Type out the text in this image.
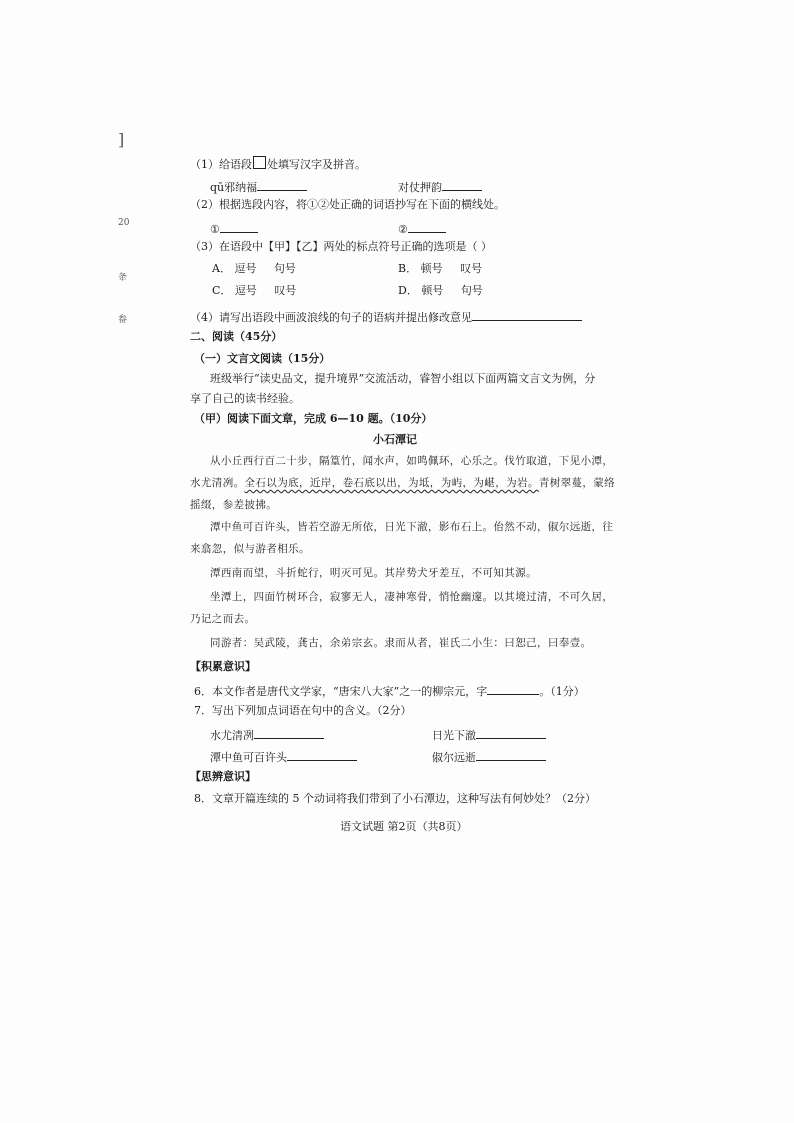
]
20
夅
畚
（1）给语段 处填写汉字及拼音。
qū邪纳福	对仗押韵
（2）根据选段内容，将①②处正确的词语抄写在下面的横线处。
①	②
（3）在语段中【甲】【乙】两处的标点符号正确的选项是（ ）
A． 逗号 句号	B． 顿号 叹号
C． 逗号 叹号	D． 顿号 句号
（4）请写出语段中画波浪线的句子的语病并提出修改意见
二、阅读（45分）
（一）文言文阅读（15分）
班级举行“读史品文，提升境界”交流活动，睿智小组以下面两篇文言文为例，分
享了自己的读书经验。
（甲）阅读下面文章，完成 6—10 题。（10分）
小石潭记
从小丘西行百二十步，隔篁竹，闻水声，如鸣佩环，心乐之。伐竹取道，下见小潭，
水尤清冽。全石以为底，近岸，卷石底以出，为坻，为屿，为嵁，为岩。青树翠蔓，蒙络
摇缀，参差披拂。
潭中鱼可百许头，皆若空游无所依，日光下澈，影布石上。佁然不动，俶尔远逝，往
来翕忽，似与游者相乐。
潭西南而望，斗折蛇行，明灭可见。其岸势犬牙差互，不可知其源。
坐潭上，四面竹树环合，寂寥无人，凄神寒骨，悄怆幽邃。以其境过清，不可久居，
乃记之而去。
同游者：吴武陵，龚古，余弟宗玄。隶而从者，崔氏二小生：曰恕己，曰奉壹。
【积累意识】
6．本文作者是唐代文学家，“唐宋八大家”之一的柳宗元，字	。（1分）
7．写出下列加点词语在句中的含义。（2分）
水尤清冽	日光下澈
潭中鱼可百许头	俶尔远逝
【思辨意识】
8．文章开篇连续的 5 个动词将我们带到了小石潭边，这种写法有何妙处？（2分）
语文试题 第2页（共8页）
